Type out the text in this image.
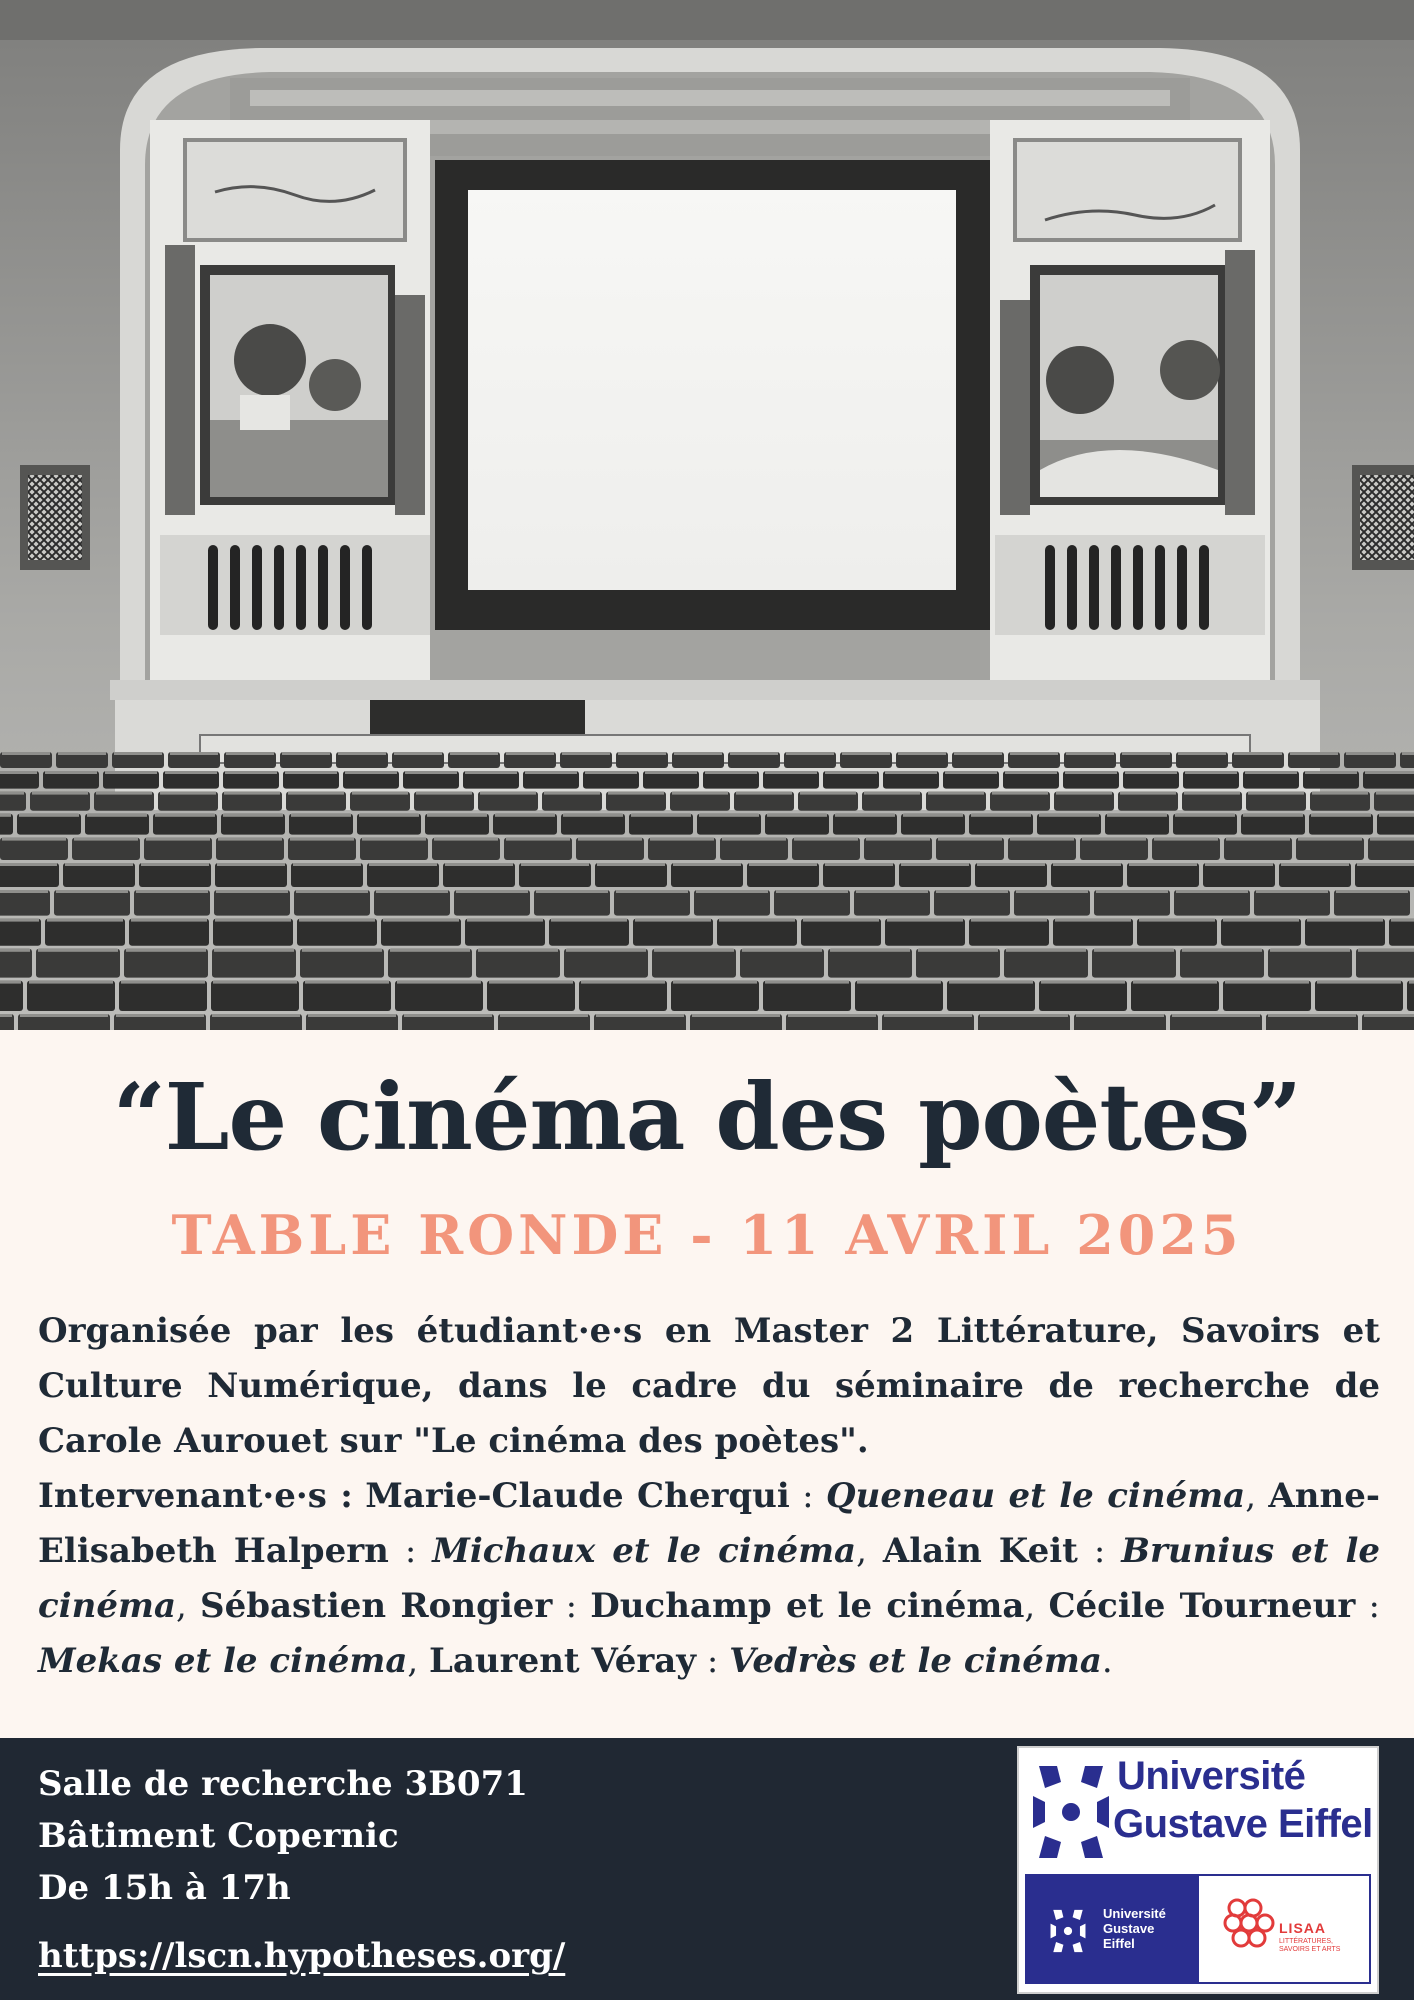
“Le cinéma des poètes”
TABLE RONDE - 11 AVRIL 2025

Organisée par les étudiant·e·s en Master 2 Littérature, Savoirs et Culture Numérique, dans le cadre du séminaire de recherche de Carole Aurouet sur "Le cinéma des poètes".

Intervenant·e·s : Marie-Claude Cherqui : Queneau et le cinéma, Anne-Elisabeth Halpern : Michaux et le cinéma, Alain Keit : Brunius et le cinéma, Sébastien Rongier : Duchamp et le cinéma, Cécile Tourneur : Mekas et le cinéma, Laurent Véray : Vedrès et le cinéma.

Salle de recherche 3B071
Bâtiment Copernic
De 15h à 17h
https://lscn.hypotheses.org/
Université
Gustave Eiffel
Université
Gustave
Eiffel
LISAA
LITTÉRATURES, SAVOIRS ET ARTS
